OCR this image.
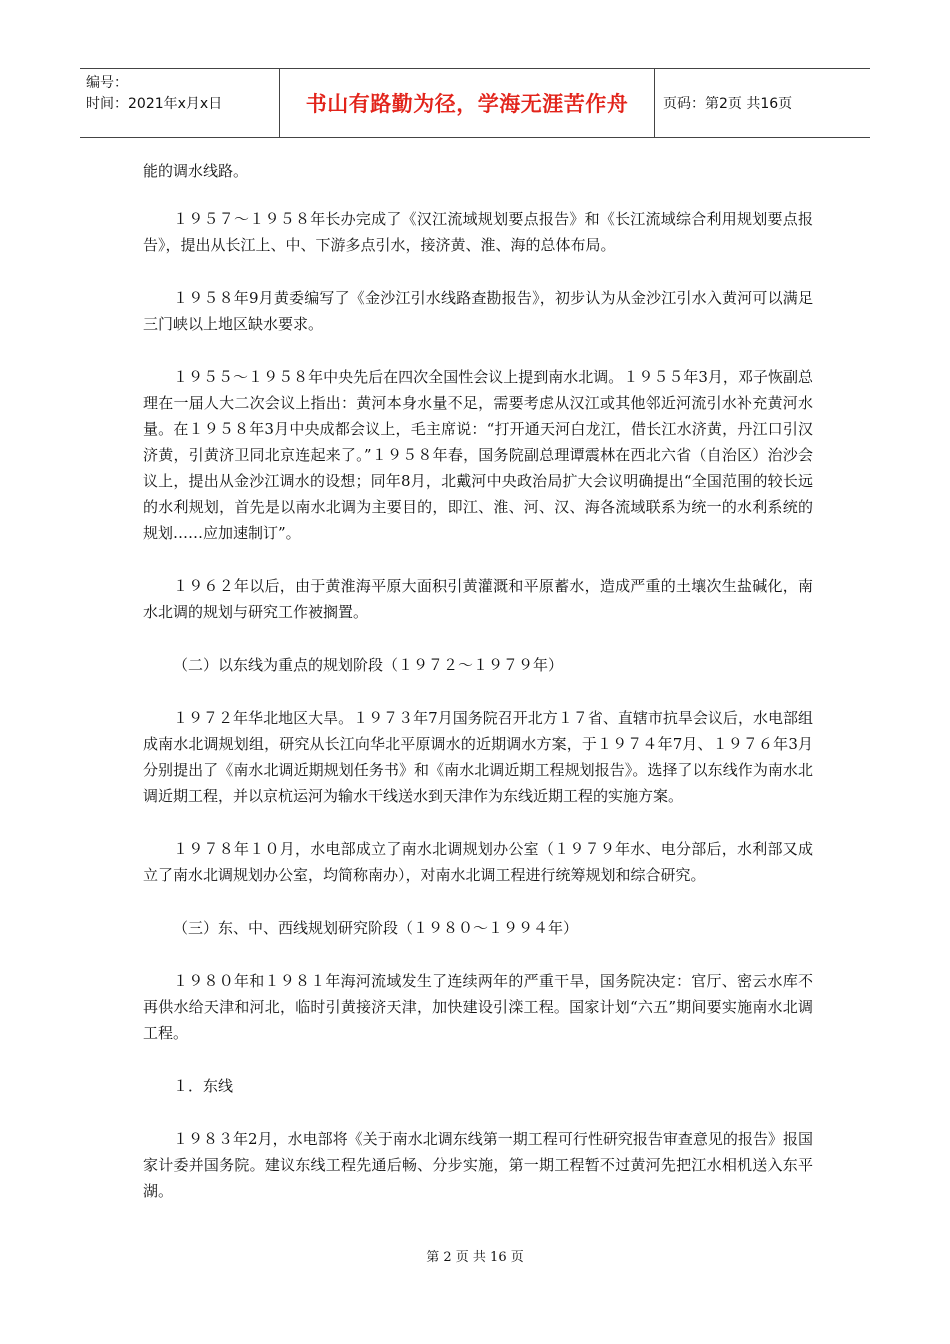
编号：
时间：2021年x月x日	书山有路勤为径，学海无涯苦作舟	页码：第2页 共16页

能的调水线路。

１９５７～１９５８年长办完成了《汉江流域规划要点报告》和《长江流域综合利用规划要点报告》，提出从长江上、中、下游多点引水，接济黄、淮、海的总体布局。

１９５８年9月黄委编写了《金沙江引水线路查勘报告》，初步认为从金沙江引水入黄河可以满足三门峡以上地区缺水要求。

１９５５～１９５８年中央先后在四次全国性会议上提到南水北调。１９５５年3月，邓子恢副总理在一届人大二次会议上指出：黄河本身水量不足，需要考虑从汉江或其他邻近河流引水补充黄河水量。在１９５８年3月中央成都会议上，毛主席说：“打开通天河白龙江，借长江水济黄，丹江口引汉济黄，引黄济卫同北京连起来了。”１９５８年春，国务院副总理谭震林在西北六省（自治区）治沙会议上，提出从金沙江调水的设想；同年8月，北戴河中央政治局扩大会议明确提出“全国范围的较长远的水利规划，首先是以南水北调为主要目的，即江、淮、河、汉、海各流域联系为统一的水利系统的规划……应加速制订”。

１９６２年以后，由于黄淮海平原大面积引黄灌溉和平原蓄水，造成严重的土壤次生盐碱化，南水北调的规划与研究工作被搁置。

（二）以东线为重点的规划阶段（１９７２～１９７９年）

１９７２年华北地区大旱。１９７３年7月国务院召开北方１７省、直辖市抗旱会议后，水电部组成南水北调规划组，研究从长江向华北平原调水的近期调水方案，于１９７４年7月、１９７６年3月分别提出了《南水北调近期规划任务书》和《南水北调近期工程规划报告》。选择了以东线作为南水北调近期工程，并以京杭运河为输水干线送水到天津作为东线近期工程的实施方案。

１９７８年１０月，水电部成立了南水北调规划办公室（１９７９年水、电分部后，水利部又成立了南水北调规划办公室，均简称南办），对南水北调工程进行统筹规划和综合研究。

（三）东、中、西线规划研究阶段（１９８０～１９９４年）

１９８０年和１９８１年海河流域发生了连续两年的严重干旱，国务院决定：官厅、密云水库不再供水给天津和河北，临时引黄接济天津，加快建设引滦工程。国家计划“六五”期间要实施南水北调工程。

１．东线

１９８３年2月，水电部将《关于南水北调东线第一期工程可行性研究报告审查意见的报告》报国家计委并国务院。建议东线工程先通后畅、分步实施，第一期工程暂不过黄河先把江水相机送入东平湖。

第 2 页 共 16 页
